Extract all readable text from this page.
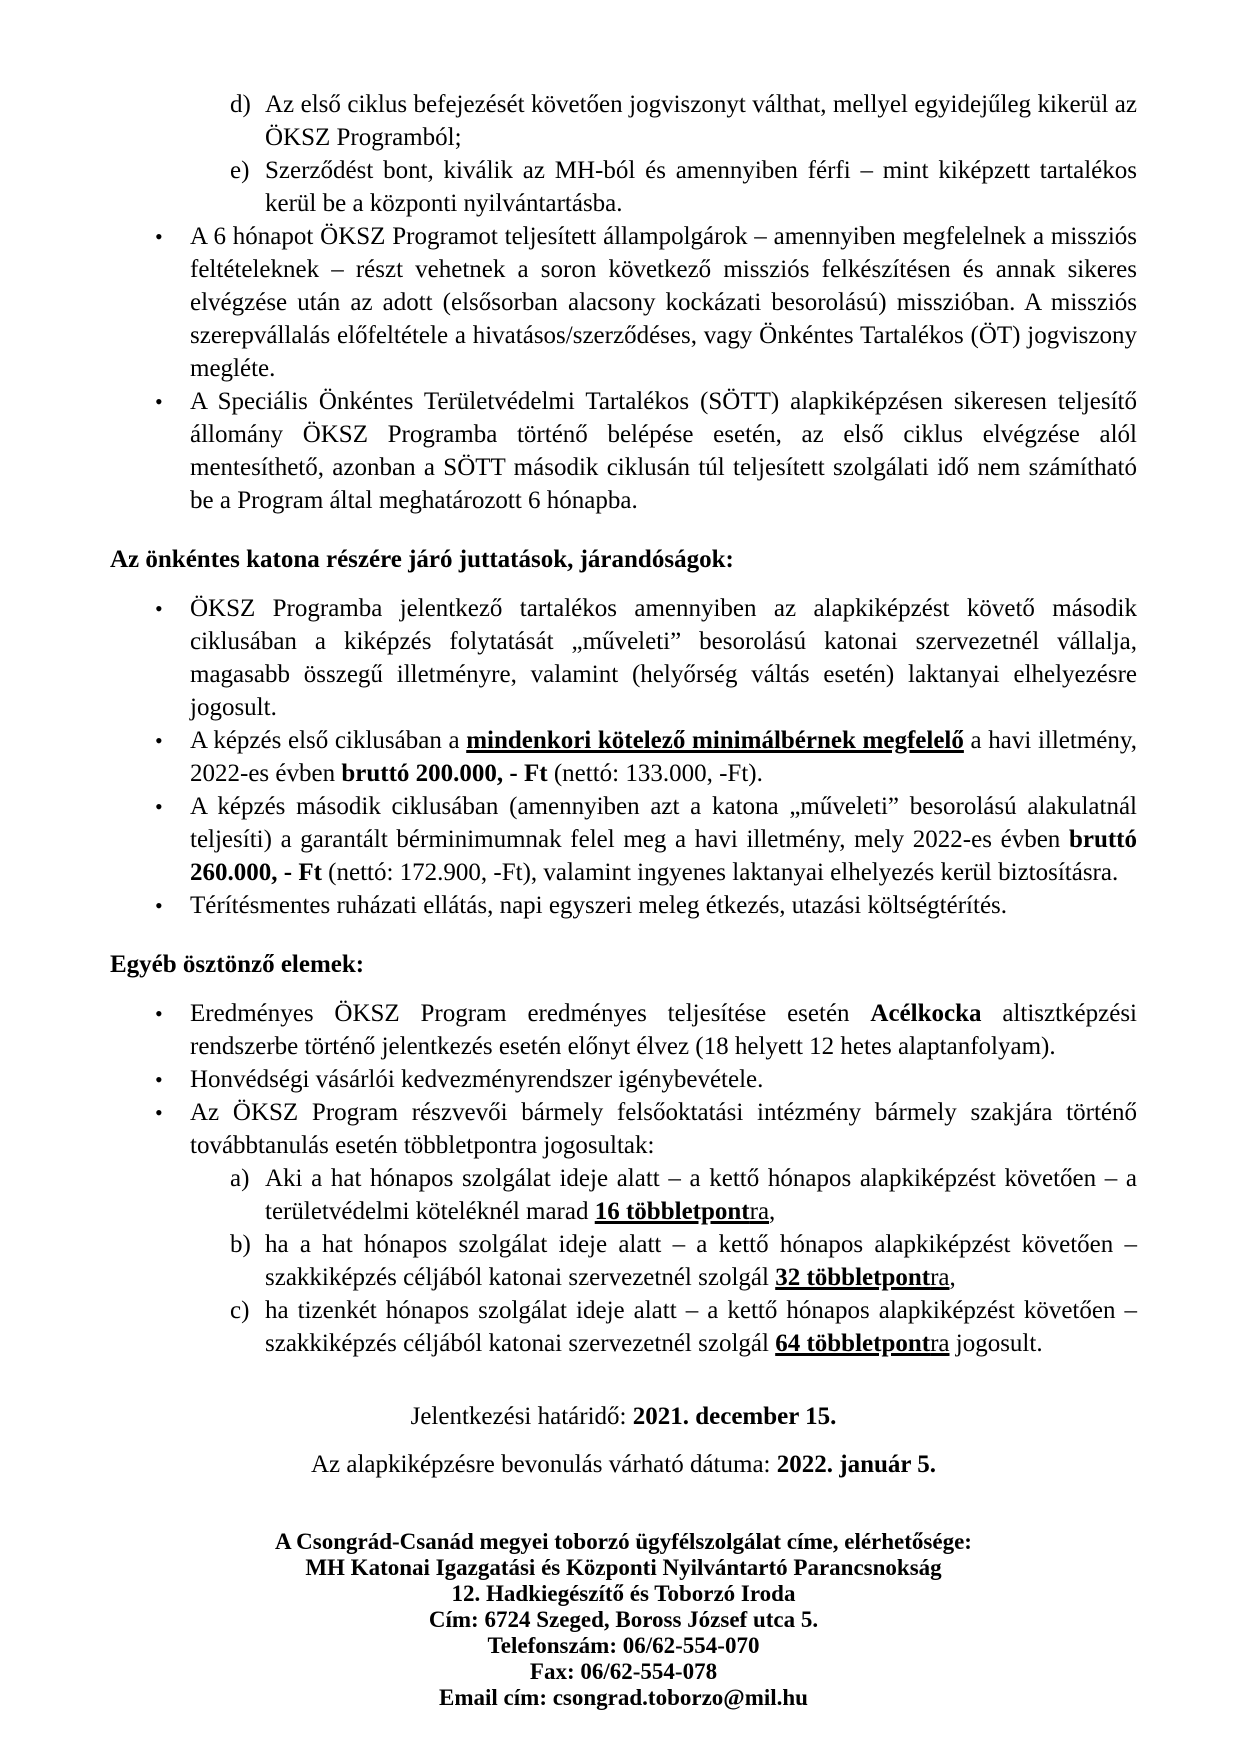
d) Az első ciklus befejezését követően jogviszonyt válthat, mellyel egyidejűleg kikerül az ÖKSZ Programból;
e) Szerződést bont, kiválik az MH-ból és amennyiben férfi – mint kiképzett tartalékos kerül be a központi nyilvántartásba.
•	A 6 hónapot ÖKSZ Programot teljesített állampolgárok – amennyiben megfelelnek a missziós feltételeknek – részt vehetnek a soron következő missziós felkészítésen és annak sikeres elvégzése után az adott (elsősorban alacsony kockázati besorolású) misszióban. A missziós szerepvállalás előfeltétele a hivatásos/szerződéses, vagy Önkéntes Tartalékos (ÖT) jogviszony megléte.
•	A Speciális Önkéntes Területvédelmi Tartalékos (SÖTT) alapkiképzésen sikeresen teljesítő állomány ÖKSZ Programba történő belépése esetén, az első ciklus elvégzése alól mentesíthető, azonban a SÖTT második ciklusán túl teljesített szolgálati idő nem számítható be a Program által meghatározott 6 hónapba.
Az önkéntes katona részére járó juttatások, járandóságok:
•	ÖKSZ Programba jelentkező tartalékos amennyiben az alapkiképzést követő második ciklusában a kiképzés folytatását „műveleti” besorolású katonai szervezetnél vállalja, magasabb összegű illetményre, valamint (helyőrség váltás esetén) laktanyai elhelyezésre jogosult.
•	A képzés első ciklusában a mindenkori kötelező minimálbérnek megfelelő a havi illetmény, 2022-es évben bruttó 200.000, - Ft (nettó: 133.000, -Ft).
•	A képzés második ciklusában (amennyiben azt a katona „műveleti” besorolású alakulatnál teljesíti) a garantált bérminimumnak felel meg a havi illetmény, mely 2022-es évben bruttó 260.000, - Ft (nettó: 172.900, -Ft), valamint ingyenes laktanyai elhelyezés kerül biztosításra.
•	Térítésmentes ruházati ellátás, napi egyszeri meleg étkezés, utazási költségtérítés.
Egyéb ösztönző elemek:
•	Eredményes ÖKSZ Program eredményes teljesítése esetén Acélkocka altisztképzési rendszerbe történő jelentkezés esetén előnyt élvez (18 helyett 12 hetes alaptanfolyam).
•	Honvédségi vásárlói kedvezményrendszer igénybevétele.
•	Az ÖKSZ Program részvevői bármely felsőoktatási intézmény bármely szakjára történő továbbtanulás esetén többletpontra jogosultak:
a) Aki a hat hónapos szolgálat ideje alatt – a kettő hónapos alapkiképzést követően – a területvédelmi köteléknél marad 16 többletpontra,
b) ha a hat hónapos szolgálat ideje alatt – a kettő hónapos alapkiképzést követően – szakkiképzés céljából katonai szervezetnél szolgál 32 többletpontra,
c) ha tizenkét hónapos szolgálat ideje alatt – a kettő hónapos alapkiképzést követően – szakkiképzés céljából katonai szervezetnél szolgál 64 többletpontra jogosult.
Jelentkezési határidő: 2021. december 15.
Az alapkiképzésre bevonulás várható dátuma: 2022. január 5.
A Csongrád-Csanád megyei toborzó ügyfélszolgálat címe, elérhetősége:
MH Katonai Igazgatási és Központi Nyilvántartó Parancsnokság
12. Hadkiegészítő és Toborzó Iroda
Cím: 6724 Szeged, Boross József utca 5.
Telefonszám: 06/62-554-070
Fax: 06/62-554-078
Email cím: csongrad.toborzo@mil.hu
